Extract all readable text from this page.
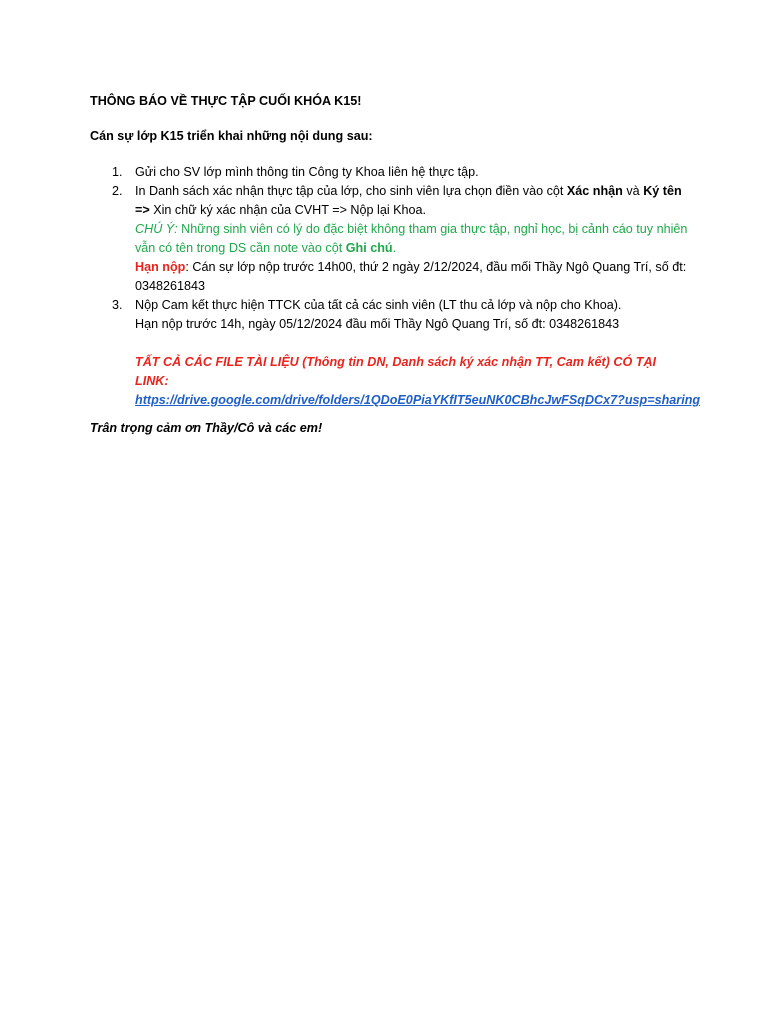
THÔNG BÁO VỀ THỰC TẬP CUỐI KHÓA K15!

Cán sự lớp K15 triển khai những nội dung sau:

1. Gửi cho SV lớp mình thông tin Công ty Khoa liên hệ thực tập.
2. In Danh sách xác nhận thực tập của lớp, cho sinh viên lựa chọn điền vào cột Xác nhận và Ký tên
=> Xin chữ ký xác nhận của CVHT => Nộp lại Khoa.
CHÚ Ý: Những sinh viên có lý do đặc biệt không tham gia thực tập, nghỉ học, bị cảnh cáo tuy nhiên vẫn có tên trong DS cần note vào cột Ghi chú.
Hạn nộp: Cán sự lớp nộp trước 14h00, thứ 2 ngày 2/12/2024, đầu mối Thầy Ngô Quang Trí, số đt: 0348261843
3. Nộp Cam kết thực hiện TTCK của tất cả các sinh viên (LT thu cả lớp và nộp cho Khoa).
Hạn nộp trước 14h, ngày 05/12/2024 đầu mối Thầy Ngô Quang Trí, số đt: 0348261843
TẤT CẢ CÁC FILE TÀI LIỆU (Thông tin DN, Danh sách ký xác nhận TT, Cam kết) CÓ TẠI LINK:
https://drive.google.com/drive/folders/1QDoE0PiaYKfIT5euNK0CBhcJwFSqDCx7?usp=sharing

Trân trọng cảm ơn Thầy/Cô và các em!
